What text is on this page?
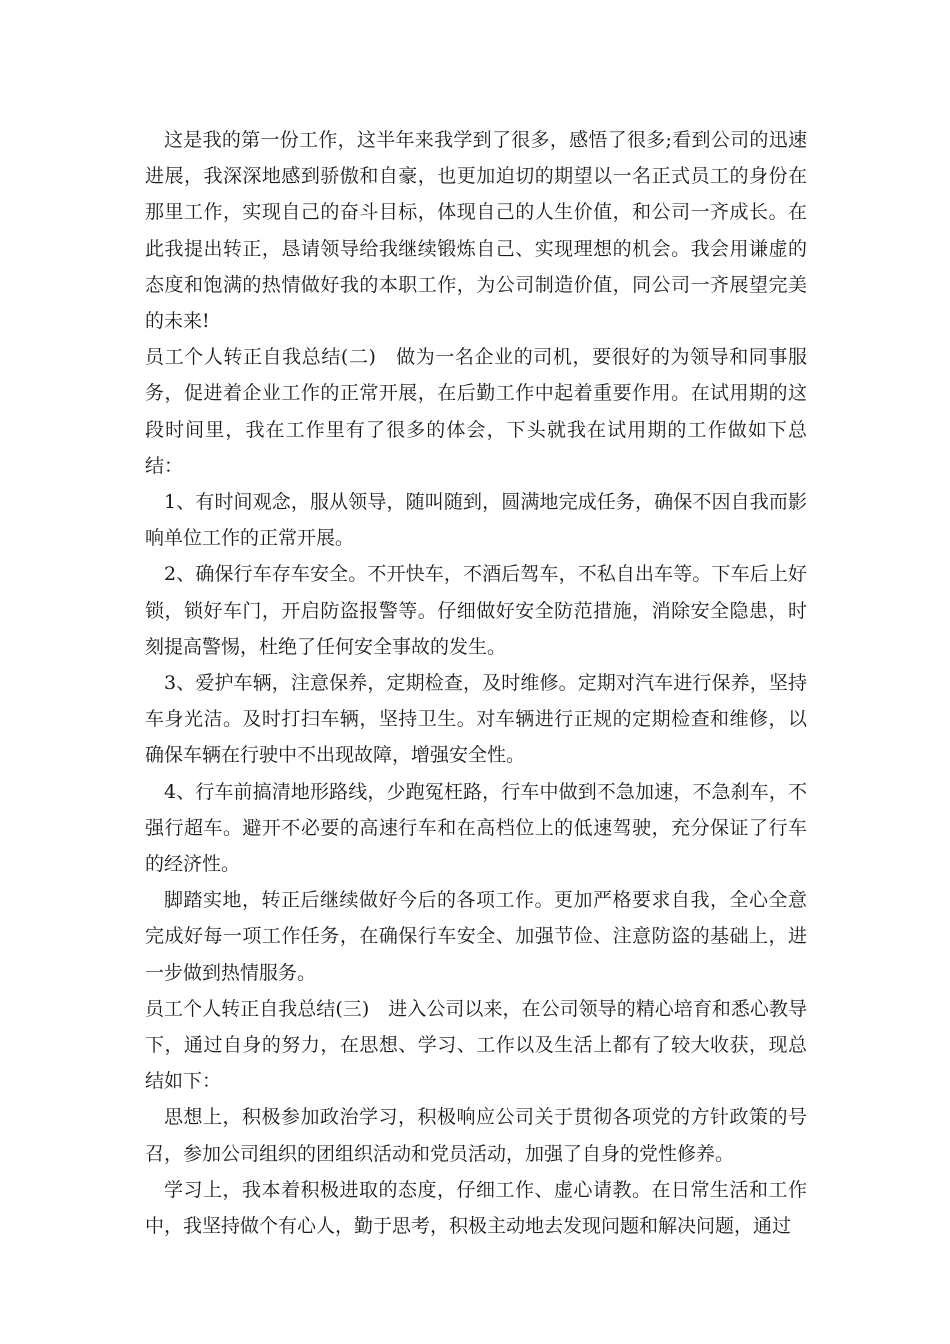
这是我的第一份工作，这半年来我学到了很多，感悟了很多;看到公司的迅速进展，我深深地感到骄傲和自豪，也更加迫切的期望以一名正式员工的身份在那里工作，实现自己的奋斗目标，体现自己的人生价值，和公司一齐成长。在此我提出转正，恳请领导给我继续锻炼自己、实现理想的机会。我会用谦虚的态度和饱满的热情做好我的本职工作，为公司制造价值，同公司一齐展望完美的未来!

员工个人转正自我总结(二)　做为一名企业的司机，要很好的为领导和同事服务，促进着企业工作的正常开展，在后勤工作中起着重要作用。在试用期的这段时间里，我在工作里有了很多的体会，下头就我在试用期的工作做如下总结：

1、有时间观念，服从领导，随叫随到，圆满地完成任务，确保不因自我而影响单位工作的正常开展。

2、确保行车存车安全。不开快车，不酒后驾车，不私自出车等。下车后上好锁，锁好车门，开启防盗报警等。仔细做好安全防范措施，消除安全隐患，时刻提高警惕，杜绝了任何安全事故的发生。

3、爱护车辆，注意保养，定期检查，及时维修。定期对汽车进行保养，坚持车身光洁。及时打扫车辆，坚持卫生。对车辆进行正规的定期检查和维修，以确保车辆在行驶中不出现故障，增强安全性。

4、行车前搞清地形路线，少跑冤枉路，行车中做到不急加速，不急刹车，不强行超车。避开不必要的高速行车和在高档位上的低速驾驶，充分保证了行车的经济性。

脚踏实地，转正后继续做好今后的各项工作。更加严格要求自我，全心全意完成好每一项工作任务，在确保行车安全、加强节俭、注意防盗的基础上，进一步做到热情服务。

员工个人转正自我总结(三)　进入公司以来，在公司领导的精心培育和悉心教导下，通过自身的努力，在思想、学习、工作以及生活上都有了较大收获，现总结如下：

思想上，积极参加政治学习，积极响应公司关于贯彻各项党的方针政策的号召，参加公司组织的团组织活动和党员活动，加强了自身的党性修养。

学习上，我本着积极进取的态度，仔细工作、虚心请教。在日常生活和工作中，我坚持做个有心人，勤于思考，积极主动地去发现问题和解决问题，通过
